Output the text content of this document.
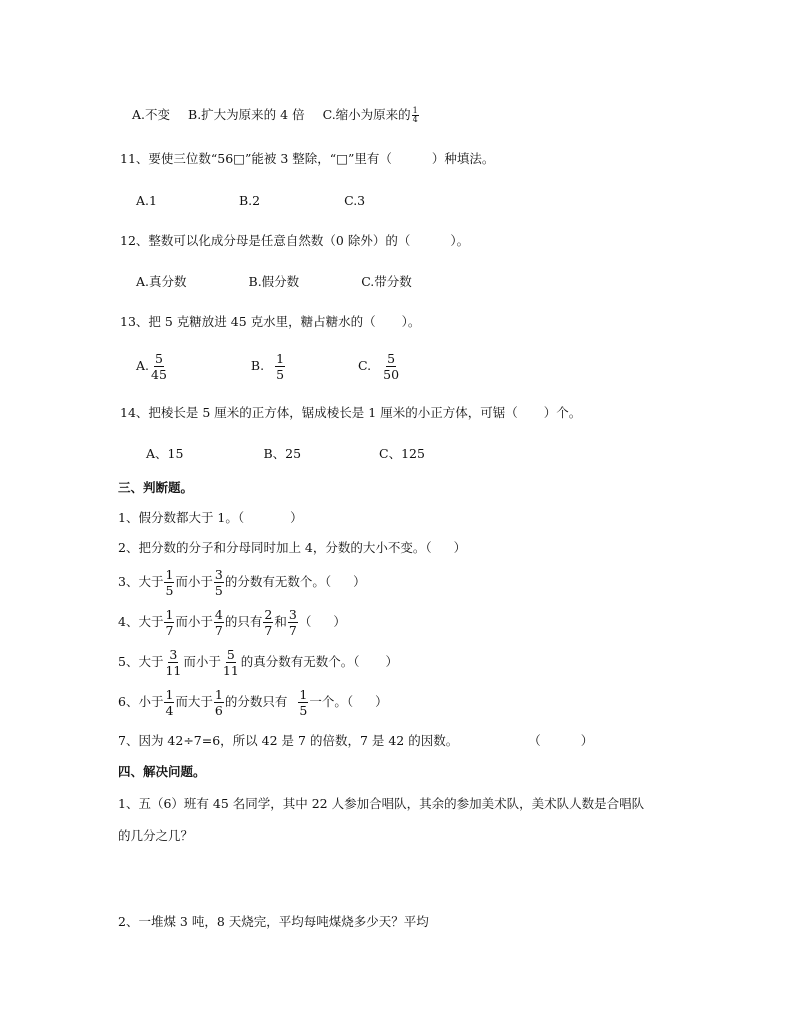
A.不变 B.扩大为原来的 4 倍 C.缩小为原来的 $\frac{1}{4}$
11、要使三位数“56□”能被 3 整除，“□”里有（	）种填法。
A.1	B.2	C.3
12、整数可以化成分母是任意自然数（0 除外）的（	）。
A.真分数	B.假分数	C.带分数
13、把 5 克糖放进 45 克水里，糖占糖水的（ ）。
A. $\frac{5}{45}$	B. $\frac{1}{5}$	C. $\frac{5}{50}$
14、把棱长是 5 厘米的正方体，锯成棱长是 1 厘米的小正方体，可锯（ ）个。
A、15	B、25	C、125
三、判断题。
1、假分数都大于 1。（	）
2、把分数的分子和分母同时加上 4，分数的大小不变。（ ）
3、大于 $\frac{1}{5}$ 而小于 $\frac{3}{5}$ 的分数有无数个。（ ）
4、大于 $\frac{1}{7}$ 而小于 $\frac{4}{7}$ 的只有 $\frac{2}{7}$ 和 $\frac{3}{7}$ （ ）
5、大于 $\frac{3}{11}$ 而小于 $\frac{5}{11}$ 的真分数有无数个。（ ）
6、小于 $\frac{1}{4}$ 而大于 $\frac{1}{6}$ 的分数只有 $\frac{1}{5}$ 一个。（ ）
7、因为 42÷7=6，所以 42 是 7 的倍数，7 是 42 的因数。	（	）
四、解决问题。
1、五（6）班有 45 名同学，其中 22 人参加合唱队，其余的参加美术队，美术队人数是合唱队
的几分之几？
2、一堆煤 3 吨，8 天烧完，平均每吨煤烧多少天？平均
